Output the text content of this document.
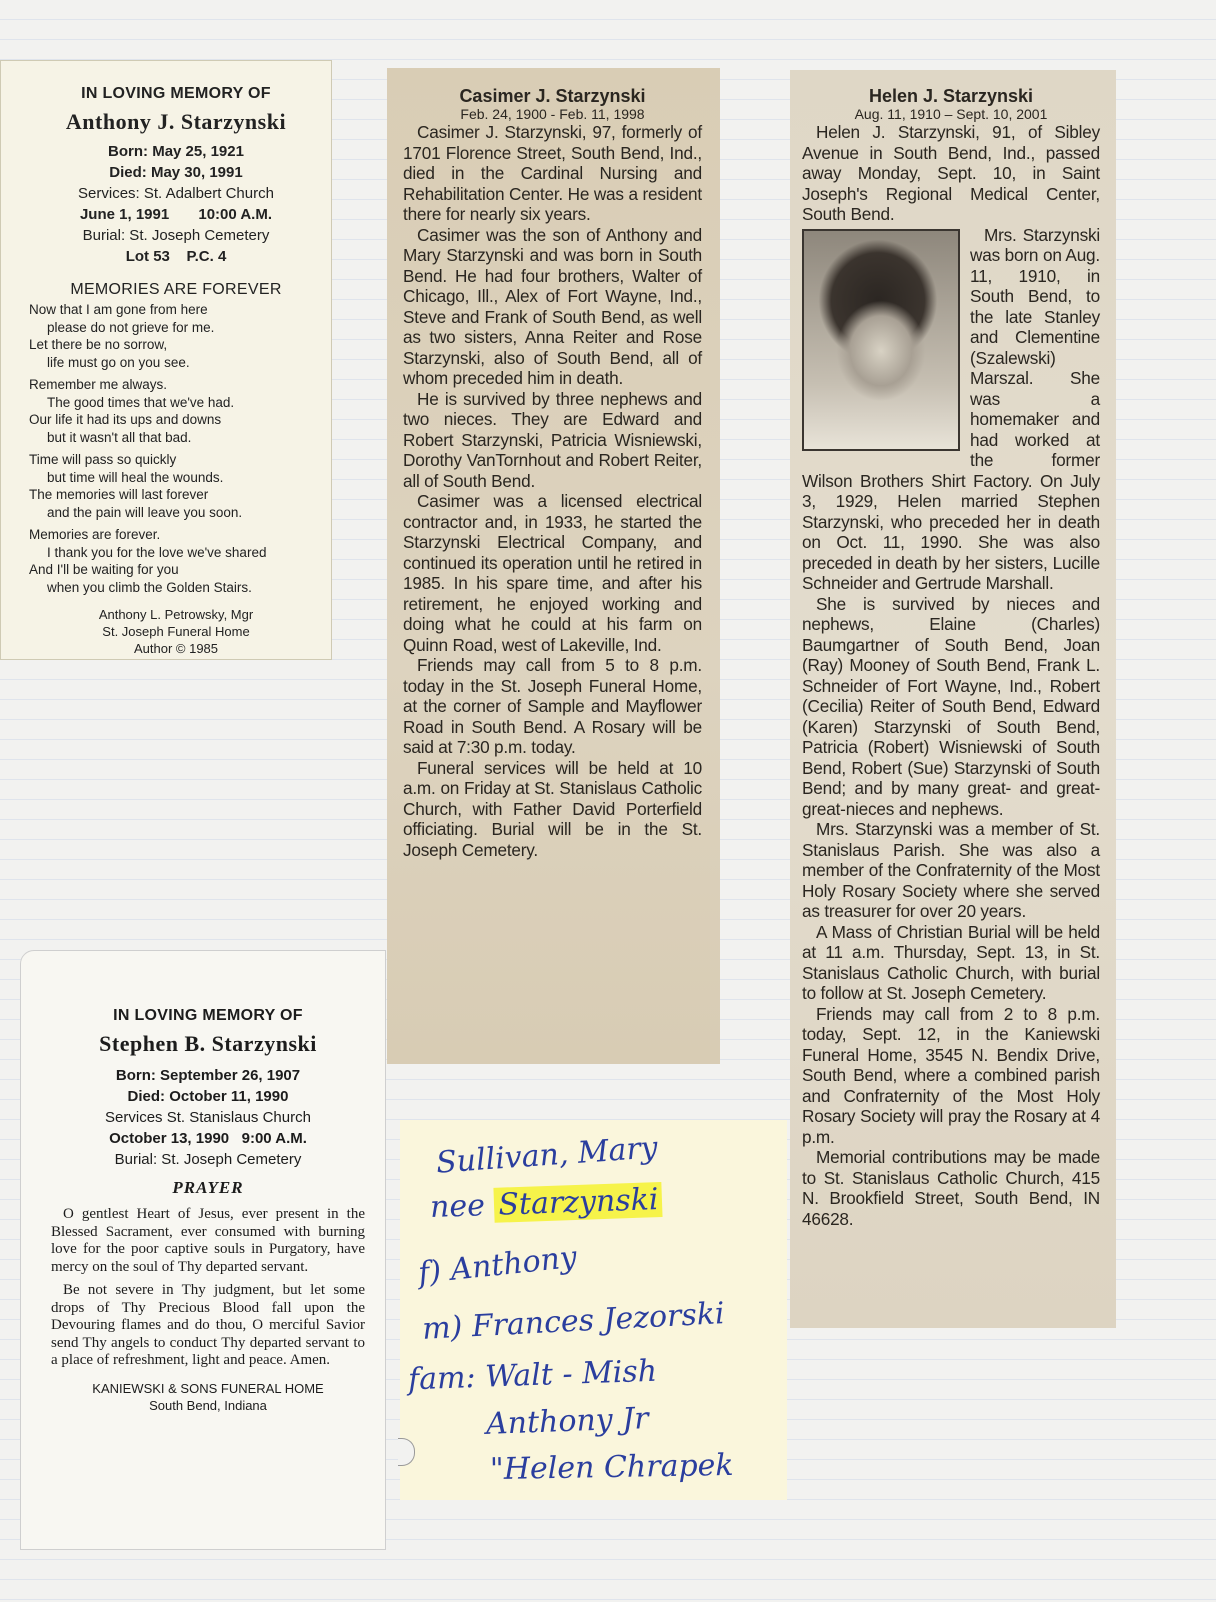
IN LOVING MEMORY OF
Anthony J. Starzynski
Born: May 25, 1921
Died: May 30, 1991
Services: St. Adalbert Church
June 1, 1991       10:00 A.M.
Burial: St. Joseph Cemetery
Lot 53    P.C. 4
MEMORIES ARE FOREVER
Now that I am gone from here
please do not grieve for me.
Let there be no sorrow,
life must go on you see.
Remember me always.
The good times that we've had.
Our life it had its ups and downs
but it wasn't all that bad.
Time will pass so quickly
but time will heal the wounds.
The memories will last forever
and the pain will leave you soon.
Memories are forever.
I thank you for the love we've shared
And I'll be waiting for you
when you climb the Golden Stairs.
Anthony L. Petrowsky, Mgr
St. Joseph Funeral Home
Author © 1985
Casimer J. Starzynski
Feb. 24, 1900 - Feb. 11, 1998

Casimer J. Starzynski, 97, formerly of 1701 Florence Street, South Bend, Ind., died in the Cardinal Nursing and Rehabilitation Center. He was a resident there for nearly six years.

Casimer was the son of Anthony and Mary Starzynski and was born in South Bend. He had four brothers, Walter of Chicago, Ill., Alex of Fort Wayne, Ind., Steve and Frank of South Bend, as well as two sisters, Anna Reiter and Rose Starzynski, also of South Bend, all of whom preceded him in death.

He is survived by three nephews and two nieces. They are Edward and Robert Starzynski, Patricia Wisniewski, Dorothy VanTornhout and Robert Reiter, all of South Bend.

Casimer was a licensed electrical contractor and, in 1933, he started the Starzynski Electrical Company, and continued its operation until he retired in 1985. In his spare time, and after his retirement, he enjoyed working and doing what he could at his farm on Quinn Road, west of Lakeville, Ind.

Friends may call from 5 to 8 p.m. today in the St. Joseph Funeral Home, at the corner of Sample and Mayflower Road in South Bend. A Rosary will be said at 7:30 p.m. today.

Funeral services will be held at 10 a.m. on Friday at St. Stanislaus Catholic Church, with Father David Porterfield officiating. Burial will be in the St. Joseph Cemetery.

Helen J. Starzynski
Aug. 11, 1910 – Sept. 10, 2001

Helen J. Starzynski, 91, of Sibley Avenue in South Bend, Ind., passed away Monday, Sept. 10, in Saint Joseph's Regional Medical Center, South Bend.

Mrs. Starzynski was born on Aug. 11, 1910, in South Bend, to the late Stanley and Clementine (Szalewski) Marszal. She was a homemaker and had worked at the former Wilson Brothers Shirt Factory. On July 3, 1929, Helen married Stephen Starzynski, who preceded her in death on Oct. 11, 1990. She was also preceded in death by her sisters, Lucille Schneider and Gertrude Marshall.

She is survived by nieces and nephews, Elaine (Charles) Baumgartner of South Bend, Joan (Ray) Mooney of South Bend, Frank L. Schneider of Fort Wayne, Ind., Robert (Cecilia) Reiter of South Bend, Edward (Karen) Starzynski of South Bend, Patricia (Robert) Wisniewski of South Bend, Robert (Sue) Starzynski of South Bend; and by many great- and great-great-nieces and nephews.

Mrs. Starzynski was a member of St. Stanislaus Parish. She was also a member of the Confraternity of the Most Holy Rosary Society where she served as treasurer for over 20 years.

A Mass of Christian Burial will be held at 11 a.m. Thursday, Sept. 13, in St. Stanislaus Catholic Church, with burial to follow at St. Joseph Cemetery.

Friends may call from 2 to 8 p.m. today, Sept. 12, in the Kaniewski Funeral Home, 3545 N. Bendix Drive, South Bend, where a combined parish and Confraternity of the Most Holy Rosary Society will pray the Rosary at 4 p.m.

Memorial contributions may be made to St. Stanislaus Catholic Church, 415 N. Brookfield Street, South Bend, IN 46628.

IN LOVING MEMORY OF
Stephen B. Starzynski
Born: September 26, 1907
Died: October 11, 1990
Services St. Stanislaus Church
October 13, 1990   9:00 A.M.
Burial: St. Joseph Cemetery
PRAYER

O gentlest Heart of Jesus, ever present in the Blessed Sacrament, ever consumed with burning love for the poor captive souls in Purgatory, have mercy on the soul of Thy departed servant.

Be not severe in Thy judgment, but let some drops of Thy Precious Blood fall upon the Devouring flames and do thou, O merciful Savior send Thy angels to conduct Thy departed servant to a place of refreshment, light and peace. Amen.

KANIEWSKI & SONS FUNERAL HOME
South Bend, Indiana
Sullivan, Mary
nee Starzynski
f) Anthony
m) Frances Jezorski
fam: Walt - Mish
Anthony Jr
"Helen Chrapek
